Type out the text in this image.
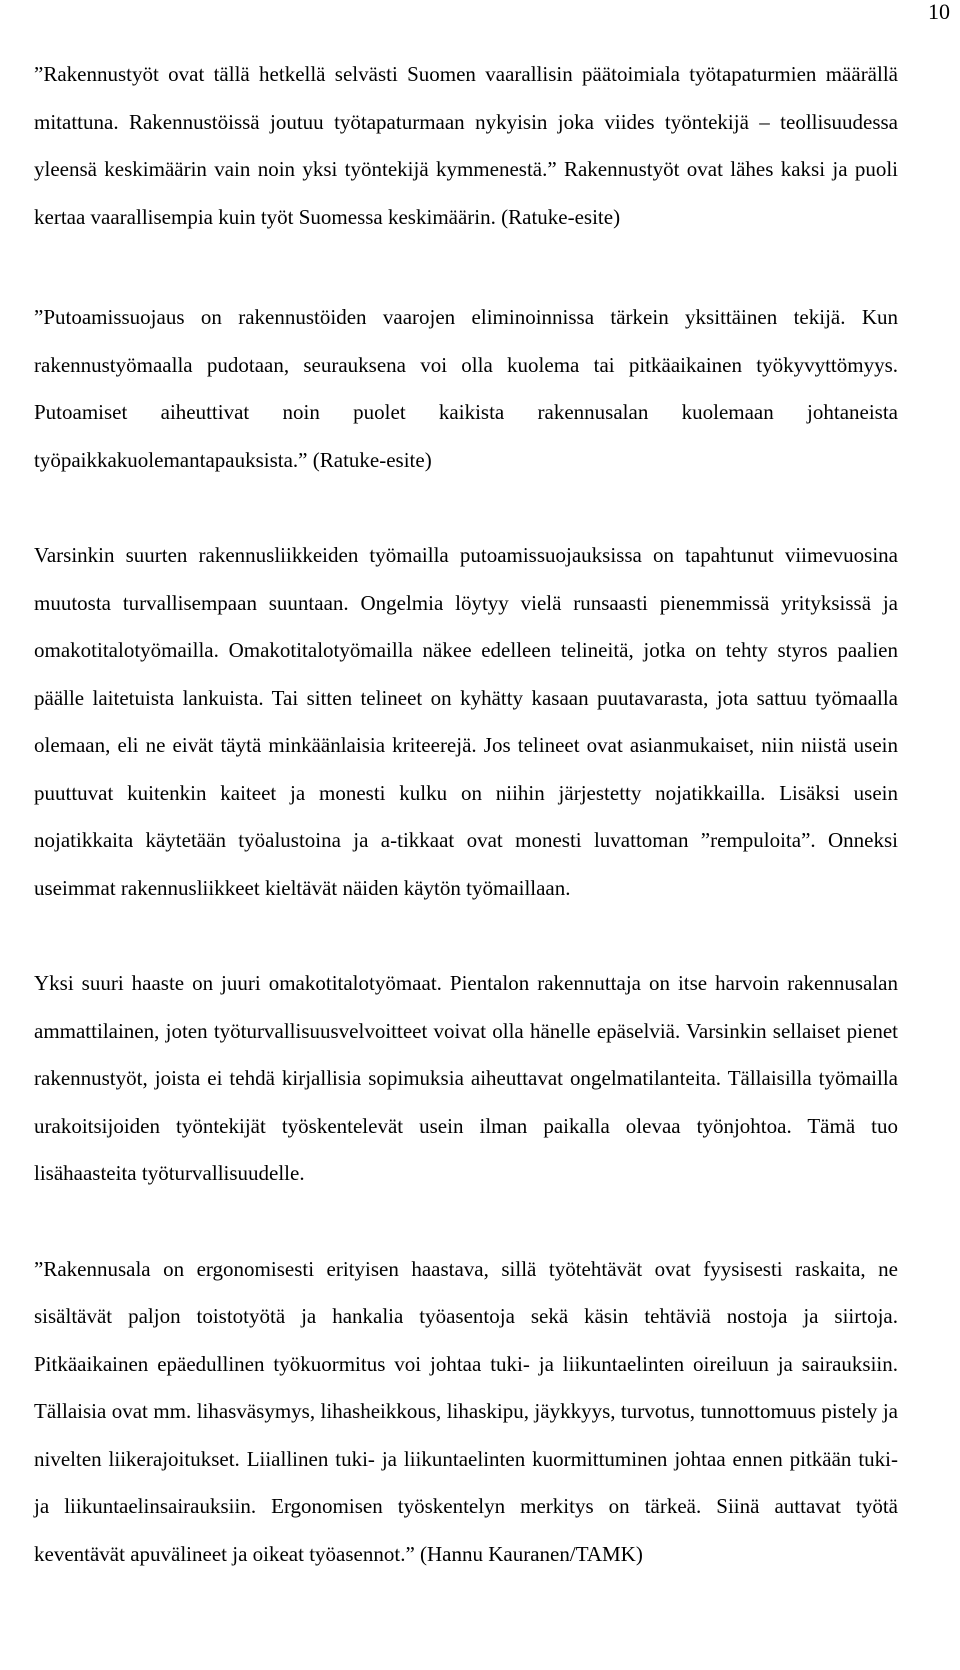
10

”Rakennustyöt ovat tällä hetkellä selvästi Suomen vaarallisin päätoimiala työtapaturmien määrällä mitattuna. Rakennustöissä joutuu työtapaturmaan nykyisin joka viides työntekijä – teollisuudessa yleensä keskimäärin vain noin yksi työntekijä kymmenestä.” Rakennustyöt ovat lähes kaksi ja puoli kertaa vaarallisempia kuin työt Suomessa keskimäärin. (Ratuke-esite)

”Putoamissuojaus on rakennustöiden vaarojen eliminoinnissa tärkein yksittäinen tekijä. Kun rakennustyömaalla pudotaan, seurauksena voi olla kuolema tai pitkäaikainen työkyvyttömyys. Putoamiset aiheuttivat noin puolet kaikista rakennusalan kuolemaan johtaneista työpaikkakuolemantapauksista.” (Ratuke-esite)

Varsinkin suurten rakennusliikkeiden työmailla putoamissuojauksissa on tapahtunut viimevuosina muutosta turvallisempaan suuntaan. Ongelmia löytyy vielä runsaasti pienemmissä yrityksissä ja omakotitalotyömailla. Omakotitalotyömailla näkee edelleen telineitä, jotka on tehty styros paalien päälle laitetuista lankuista. Tai sitten telineet on kyhätty kasaan puutavarasta, jota sattuu työmaalla olemaan, eli ne eivät täytä minkäänlaisia kriteerejä. Jos telineet ovat asianmukaiset, niin niistä usein puuttuvat kuitenkin kaiteet ja monesti kulku on niihin järjestetty nojatikkailla. Lisäksi usein nojatikkaita käytetään työalustoina ja a-tikkaat ovat monesti luvattoman ”rempuloita”. Onneksi useimmat rakennusliikkeet kieltävät näiden käytön työmaillaan.

Yksi suuri haaste on juuri omakotitalotyömaat. Pientalon rakennuttaja on itse harvoin rakennusalan ammattilainen, joten työturvallisuusvelvoitteet voivat olla hänelle epäselviä. Varsinkin sellaiset pienet rakennustyöt, joista ei tehdä kirjallisia sopimuksia aiheuttavat ongelmatilanteita. Tällaisilla työmailla urakoitsijoiden työntekijät työskentelevät usein ilman paikalla olevaa työnjohtoa. Tämä tuo lisähaasteita työturvallisuudelle.

”Rakennusala on ergonomisesti erityisen haastava, sillä työtehtävät ovat fyysisesti raskaita, ne sisältävät paljon toistotyötä ja hankalia työasentoja sekä käsin tehtäviä nostoja ja siirtoja. Pitkäaikainen epäedullinen työkuormitus voi johtaa tuki- ja liikuntaelinten oireiluun ja sairauksiin. Tällaisia ovat mm. lihasväsymys, lihasheikkous, lihaskipu, jäykkyys, turvotus, tunnottomuus pistely ja nivelten liikerajoitukset. Liiallinen tuki- ja liikuntaelinten kuormittuminen johtaa ennen pitkään tuki- ja liikuntaelinsairauksiin. Ergonomisen työskentelyn merkitys on tärkeä. Siinä auttavat työtä keventävät apuvälineet ja oikeat työasennot.” (Hannu Kauranen/TAMK)
